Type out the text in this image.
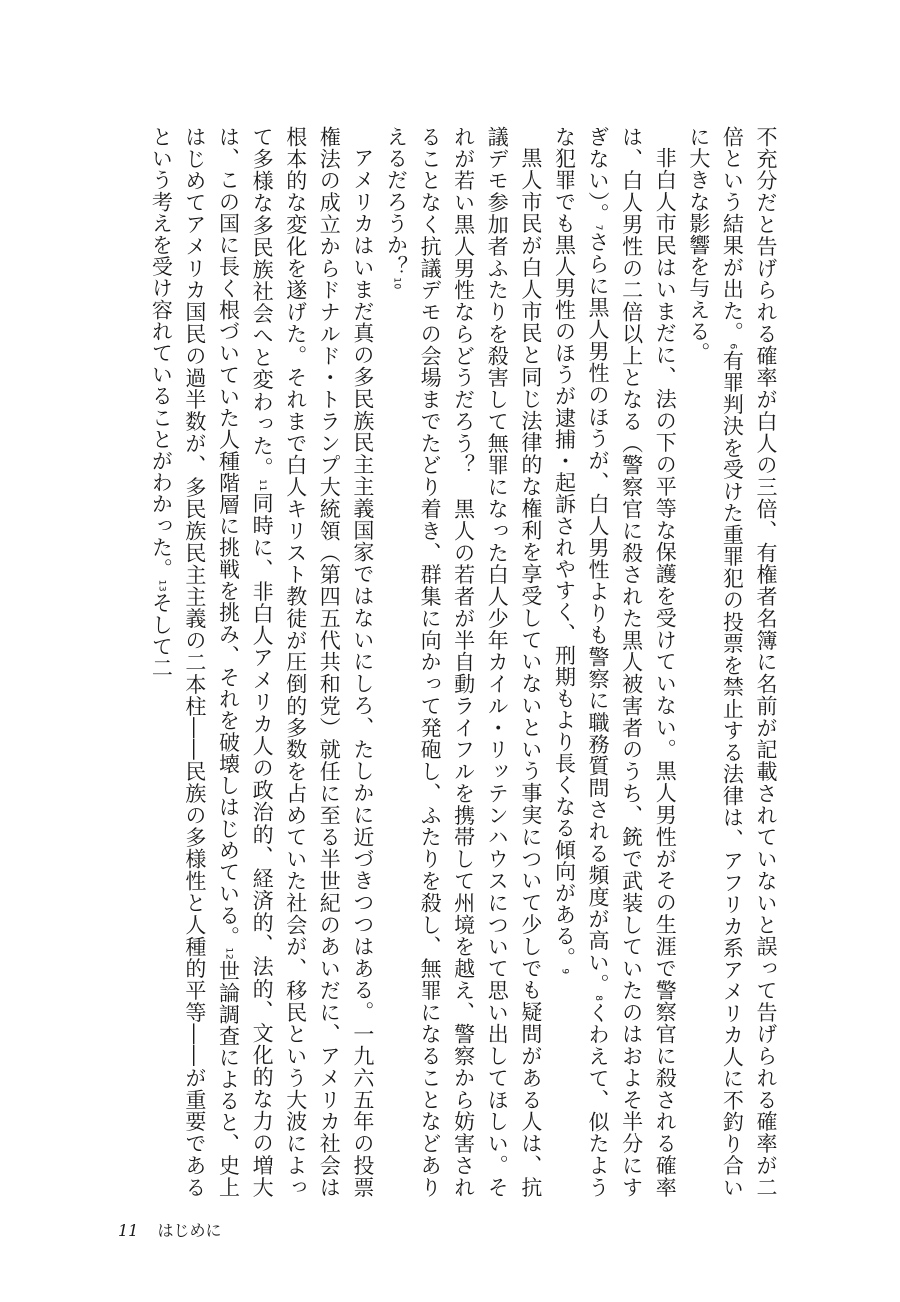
不充分だと告げられる確率が白人の三倍、有権者名簿に名前が記載されていないと誤って告げられる確率が二倍という結果が出た。6有罪判決を受けた重罪犯の投票を禁止する法律は、アフリカ系アメリカ人に不釣り合いに大きな影響を与える。

非白人市民はいまだに、法の下の平等な保護を受けていない。黒人男性がその生涯で警察官に殺される確率は、白人男性の二倍以上となる（警察官に殺された黒人被害者のうち、銃で武装していたのはおよそ半分にすぎない）。7さらに黒人男性のほうが、白人男性よりも警察に職務質問される頻度が高い。8くわえて、似たような犯罪でも黒人男性のほうが逮捕・起訴されやすく、刑期もより長くなる傾向がある。9

黒人市民が白人市民と同じ法律的な権利を享受していないという事実について少しでも疑問がある人は、抗議デモ参加者ふたりを殺害して無罪になった白人少年カイル・リッテンハウスについて思い出してほしい。それが若い黒人男性ならどうだろう？　黒人の若者が半自動ライフルを携帯して州境を越え、警察から妨害されることなく抗議デモの会場までたどり着き、群集に向かって発砲し、ふたりを殺し、無罪になることなどありえるだろうか？10

アメリカはいまだ真の多民族民主主義国家ではないにしろ、たしかに近づきつつはある。一九六五年の投票権法の成立からドナルド・トランプ大統領（第四五代共和党）就任に至る半世紀のあいだに、アメリカ社会は根本的な変化を遂げた。それまで白人キリスト教徒が圧倒的多数を占めていた社会が、移民という大波によって多様な多民族社会へと変わった。11同時に、非白人アメリカ人の政治的、経済的、法的、文化的な力の増大は、この国に長く根づいていた人種階層に挑戦を挑み、それを破壊しはじめている。12世論調査によると、史上はじめてアメリカ国民の過半数が、多民族民主主義の二本柱――民族の多様性と人種的平等――が重要であるという考えを受け容れていることがわかった。13そして二

11 はじめに
